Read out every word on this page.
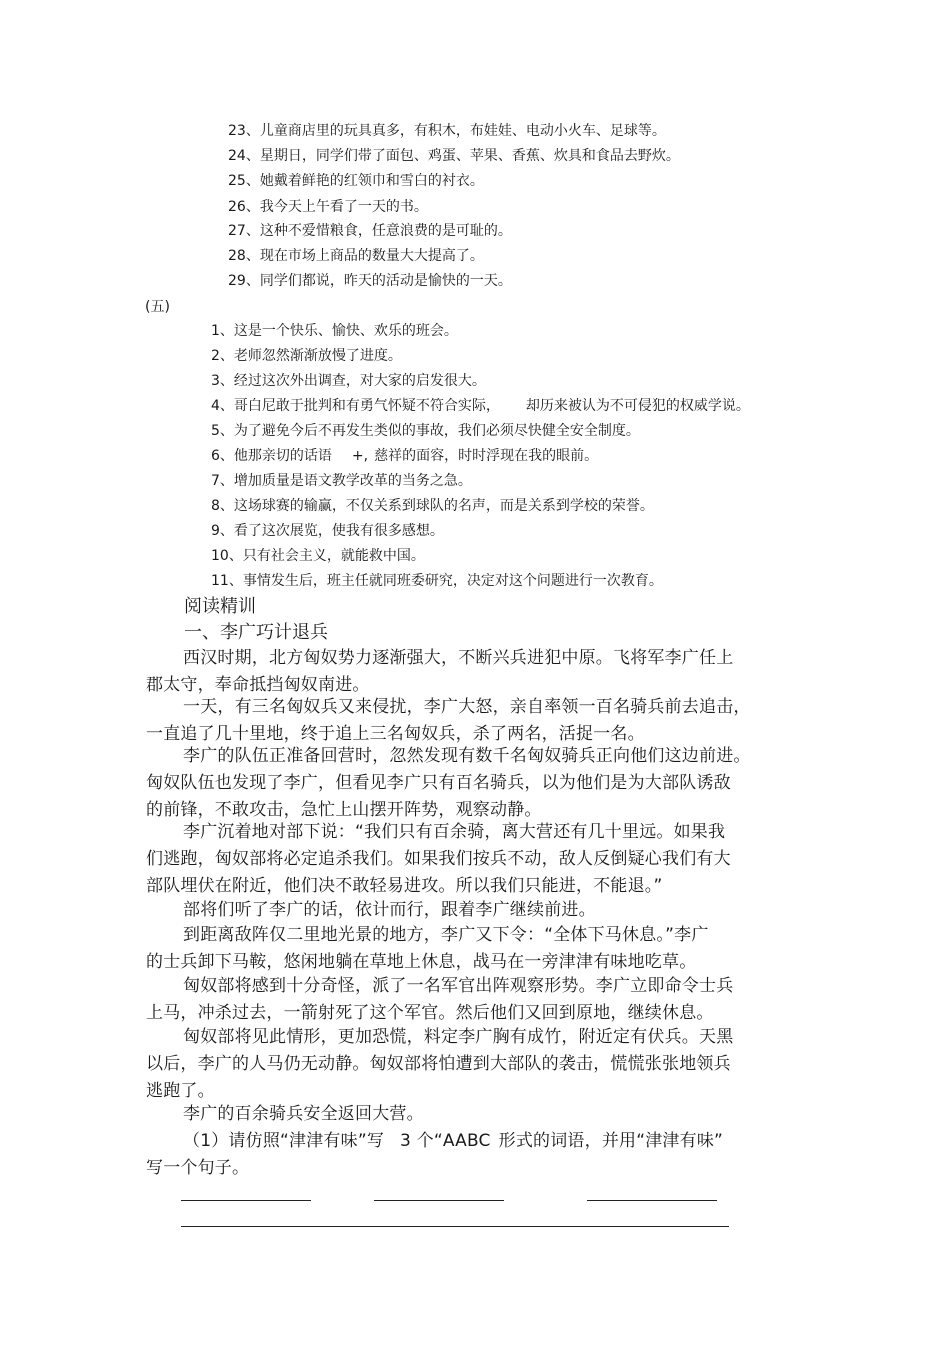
23、儿童商店里的玩具真多，有积木，布娃娃、电动小火车、足球等。
24、星期日，同学们带了面包、鸡蛋、苹果、香蕉、炊具和食品去野炊。
25、她戴着鲜艳的红领巾和雪白的衬衣。
26、我今天上午看了一天的书。
27、这种不爱惜粮食，任意浪费的是可耻的。
28、现在市场上商品的数量大大提高了。
29、同学们都说，昨天的活动是愉快的一天。
(五)
1、这是一个快乐、愉快、欢乐的班会。
2、老师忽然渐渐放慢了进度。
3、经过这次外出调查，对大家的启发很大。
4、哥白尼敢于批判和有勇气怀疑不符合实际， 却历来被认为不可侵犯的权威学说。
5、为了避免今后不再发生类似的事故，我们必须尽快健全安全制度。
6、他那亲切的话语 +, 慈祥的面容，时时浮现在我的眼前。
7、增加质量是语文教学改革的当务之急。
8、这场球赛的输赢，不仅关系到球队的名声，而是关系到学校的荣誉。
9、看了这次展览，使我有很多感想。
10、只有社会主义，就能救中国。
11、事情发生后，班主任就同班委研究，决定对这个问题进行一次教育。
阅读精训
一、李广巧计退兵
西汉时期，北方匈奴势力逐渐强大，不断兴兵进犯中原。飞将军李广任上
郡太守，奉命抵挡匈奴南进。
一天，有三名匈奴兵又来侵扰，李广大怒，亲自率领一百名骑兵前去追击，
一直追了几十里地，终于追上三名匈奴兵，杀了两名，活捉一名。
李广的队伍正准备回营时，忽然发现有数千名匈奴骑兵正向他们这边前进。
匈奴队伍也发现了李广，但看见李广只有百名骑兵，以为他们是为大部队诱敌
的前锋，不敢攻击，急忙上山摆开阵势，观察动静。
李广沉着地对部下说：“我们只有百余骑，离大营还有几十里远。如果我
们逃跑，匈奴部将必定追杀我们。如果我们按兵不动，敌人反倒疑心我们有大
部队埋伏在附近，他们决不敢轻易进攻。所以我们只能进，不能退。”
部将们听了李广的话，依计而行，跟着李广继续前进。
到距离敌阵仅二里地光景的地方，李广又下令：“全体下马休息。”李广
的士兵卸下马鞍，悠闲地躺在草地上休息，战马在一旁津津有味地吃草。
匈奴部将感到十分奇怪，派了一名军官出阵观察形势。李广立即命令士兵
上马，冲杀过去，一箭射死了这个军官。然后他们又回到原地，继续休息。
匈奴部将见此情形，更加恐慌，料定李广胸有成竹，附近定有伏兵。天黑
以后，李广的人马仍无动静。匈奴部将怕遭到大部队的袭击，慌慌张张地领兵
逃跑了。
李广的百余骑兵安全返回大营。
（1）请仿照“津津有味”写 3 个“AABC 形式的词语，并用“津津有味”
写一个句子。
